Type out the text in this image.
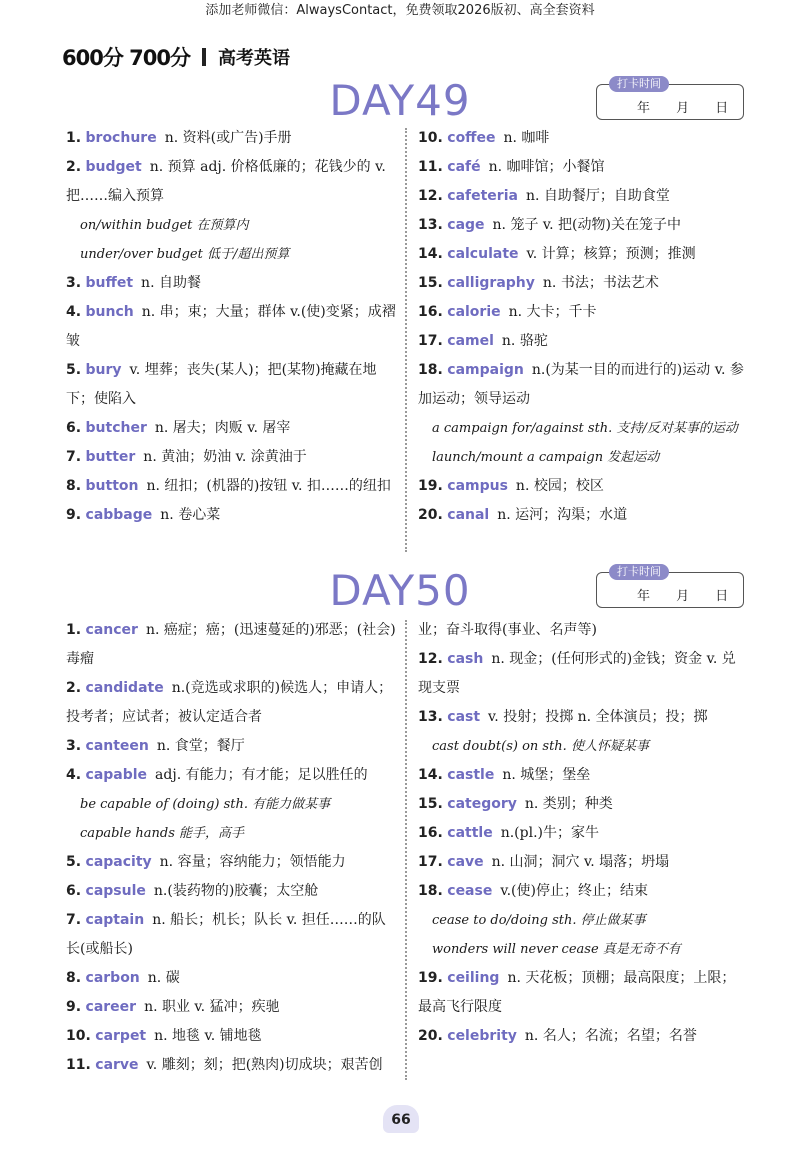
添加老师微信：AlwaysContact，免费领取2026版初、高全套资料
600分 700分 高考英语
DAY49	打卡时间
年 月 日
1. brochure n. 资料(或广告)手册
2. budget n. 预算 adj. 价格低廉的；花钱少的 v. 把……编入预算
on/within budget 在预算内
under/over budget 低于/超出预算
3. buffet n. 自助餐
4. bunch n. 串；束；大量；群体 v.(使)变紧；成褶皱
5. bury v. 埋葬；丧失(某人)；把(某物)掩藏在地下；使陷入
6. butcher n. 屠夫；肉贩 v. 屠宰
7. butter n. 黄油；奶油 v. 涂黄油于
8. button n. 纽扣；(机器的)按钮 v. 扣……的纽扣
9. cabbage n. 卷心菜
10. coffee n. 咖啡
11. café n. 咖啡馆；小餐馆
12. cafeteria n. 自助餐厅；自助食堂
13. cage n. 笼子 v. 把(动物)关在笼子中
14. calculate v. 计算；核算；预测；推测
15. calligraphy n. 书法；书法艺术
16. calorie n. 大卡；千卡
17. camel n. 骆驼
18. campaign n.(为某一目的而进行的)运动 v. 参加运动；领导运动
a campaign for/against sth. 支持/反对某事的运动
launch/mount a campaign 发起运动
19. campus n. 校园；校区
20. canal n. 运河；沟渠；水道
DAY50	打卡时间
年 月 日
1. cancer n. 癌症；癌；(迅速蔓延的)邪恶；(社会)毒瘤
2. candidate n.(竞选或求职的)候选人；申请人；投考者；应试者；被认定适合者
3. canteen n. 食堂；餐厅
4. capable adj. 有能力；有才能；足以胜任的
be capable of (doing) sth. 有能力做某事
capable hands 能手，高手
5. capacity n. 容量；容纳能力；领悟能力
6. capsule n.(装药物的)胶囊；太空舱
7. captain n. 船长；机长；队长 v. 担任……的队长(或船长)
8. carbon n. 碳
9. career n. 职业 v. 猛冲；疾驰
10. carpet n. 地毯 v. 铺地毯
11. carve v. 雕刻；刻；把(熟肉)切成块；艰苦创
业；奋斗取得(事业、名声等)
12. cash n. 现金；(任何形式的)金钱；资金 v. 兑现支票
13. cast v. 投射；投掷 n. 全体演员；投；掷
cast doubt(s) on sth. 使人怀疑某事
14. castle n. 城堡；堡垒
15. category n. 类别；种类
16. cattle n.(pl.)牛；家牛
17. cave n. 山洞；洞穴 v. 塌落；坍塌
18. cease v.(使)停止；终止；结束
cease to do/doing sth. 停止做某事
wonders will never cease 真是无奇不有
19. ceiling n. 天花板；顶棚；最高限度；上限；最高飞行限度
20. celebrity n. 名人；名流；名望；名誉
66
